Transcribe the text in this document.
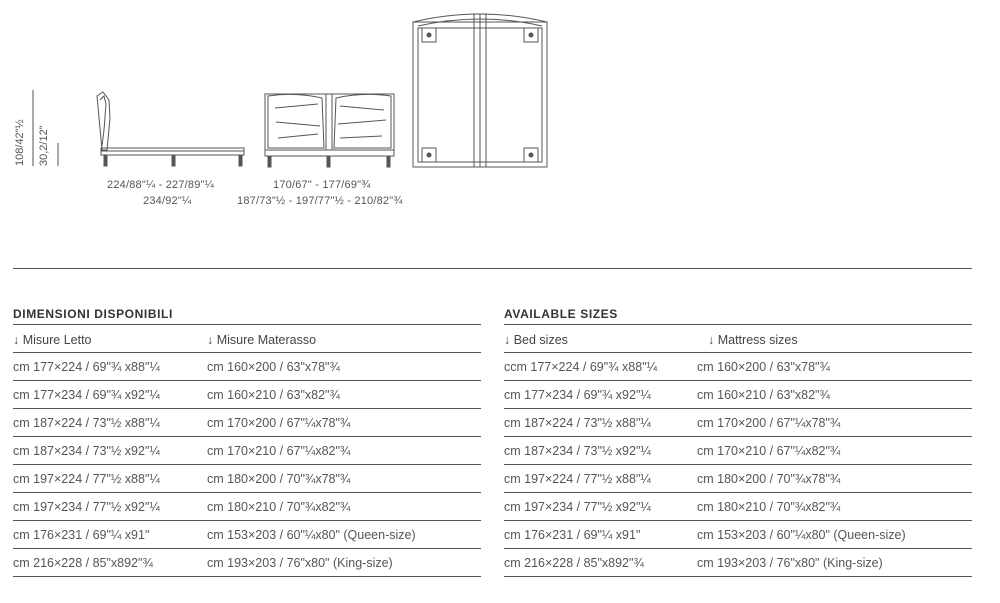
108/42"½ 30,2/12"
224/88"¼ - 227/89"¼
234/92"¼
170/67" - 177/69"¾
187/73"½ - 197/77"½ - 210/82"¾
DIMENSIONI DISPONIBILI
↓ Misure Letto	↓ Misure Materasso
cm 177×224 / 69"¾ x88"¼	cm 160×200 / 63"x78"¾
cm 177×234 / 69"¾ x92"¼	cm 160×210 / 63"x82"¾
cm 187×224 / 73"½ x88"¼	cm 170×200 / 67"¼x78"¾
cm 187×234 / 73"½ x92"¼	cm 170×210 / 67"¼x82"¾
cm 197×224 / 77"½ x88"¼	cm 180×200 / 70"¾x78"¾
cm 197×234 / 77"½ x92"¼	cm 180×210 / 70"¾x82"¾
cm 176×231 / 69"¼ x91"	cm 153×203 / 60"¼x80" (Queen-size)
cm 216×228 / 85"x892"¾	cm 193×203 / 76"x80" (King-size)
AVAILABLE SIZES
↓ Bed sizes	↓ Mattress sizes
ccm 177×224 / 69"¾ x88"¼	cm 160×200 / 63"x78"¾
cm 177×234 / 69"¾ x92"¼	cm 160×210 / 63"x82"¾
cm 187×224 / 73"½ x88"¼	cm 170×200 / 67"¼x78"¾
cm 187×234 / 73"½ x92"¼	cm 170×210 / 67"¼x82"¾
cm 197×224 / 77"½ x88"¼	cm 180×200 / 70"¾x78"¾
cm 197×234 / 77"½ x92"¼	cm 180×210 / 70"¾x82"¾
cm 176×231 / 69"¼ x91"	cm 153×203 / 60"¼x80" (Queen-size)
cm 216×228 / 85"x892"¾	cm 193×203 / 76"x80" (King-size)
